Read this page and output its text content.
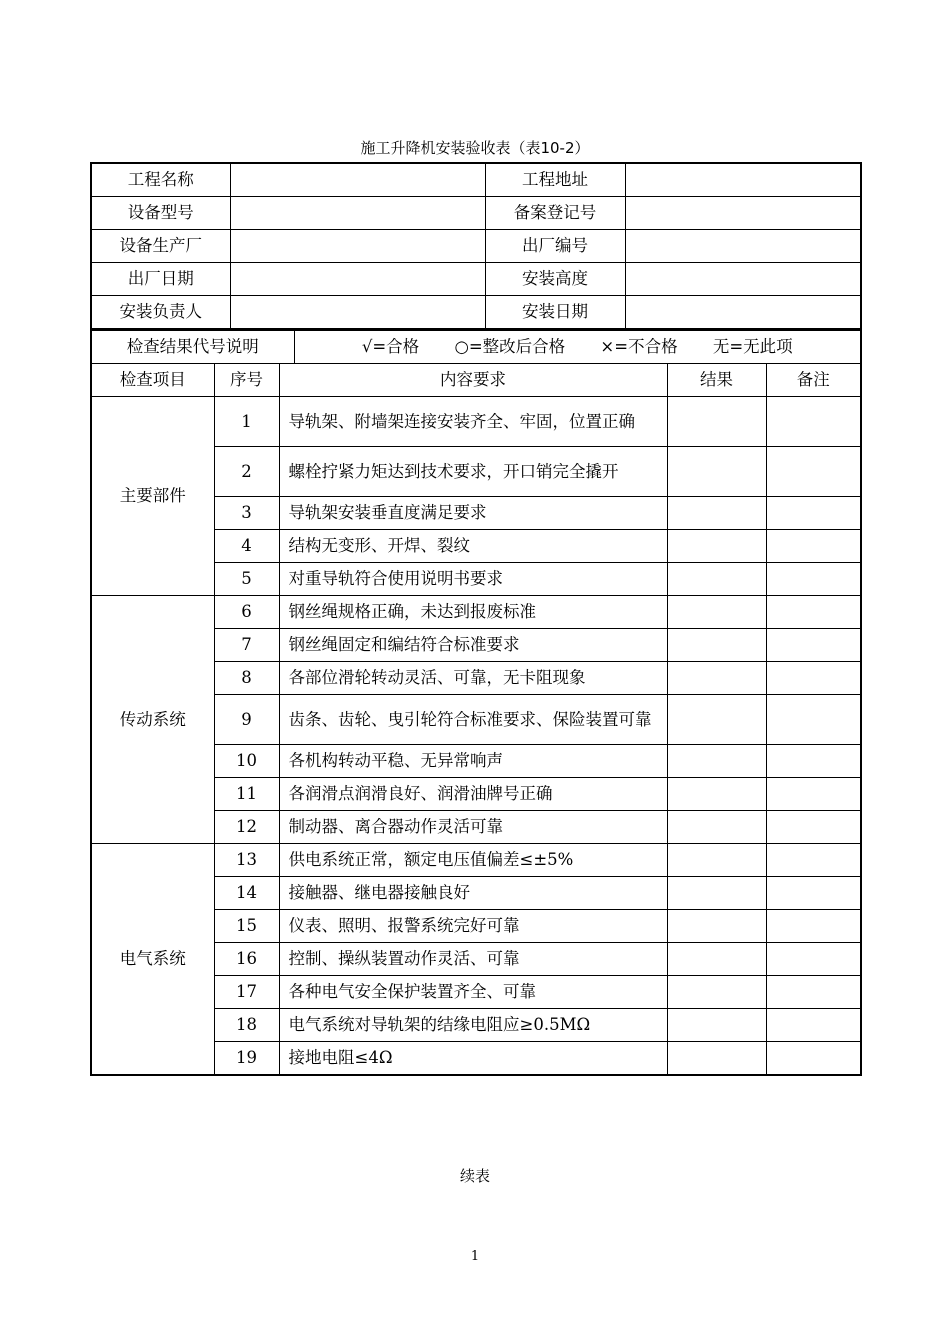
施工升降机安装验收表（表10-2）
工程名称		工程地址	
设备型号		备案登记号	
设备生产厂		出厂编号	
出厂日期		安装高度	
安装负责人		安装日期	
检查结果代号说明	√=合格 ○=整改后合格 ×=不合格 无=无此项
检查项目	序号	内容要求	结果	备注
主要部件	1	导轨架、附墙架连接安装齐全、牢固，位置正确		
	2	螺栓拧紧力矩达到技术要求，开口销完全撬开		
	3	导轨架安装垂直度满足要求		
	4	结构无变形、开焊、裂纹		
	5	对重导轨符合使用说明书要求		
传动系统	6	钢丝绳规格正确，未达到报废标准		
	7	钢丝绳固定和编结符合标准要求		
	8	各部位滑轮转动灵活、可靠，无卡阻现象		
	9	齿条、齿轮、曳引轮符合标准要求、保险装置可靠		
	10	各机构转动平稳、无异常响声		
	11	各润滑点润滑良好、润滑油牌号正确		
	12	制动器、离合器动作灵活可靠		
电气系统	13	供电系统正常，额定电压值偏差≤±5%		
	14	接触器、继电器接触良好		
	15	仪表、照明、报警系统完好可靠		
	16	控制、操纵装置动作灵活、可靠		
	17	各种电气安全保护装置齐全、可靠		
	18	电气系统对导轨架的结缘电阻应≥0.5MΩ		
	19	接地电阻≤4Ω		
续表
1
